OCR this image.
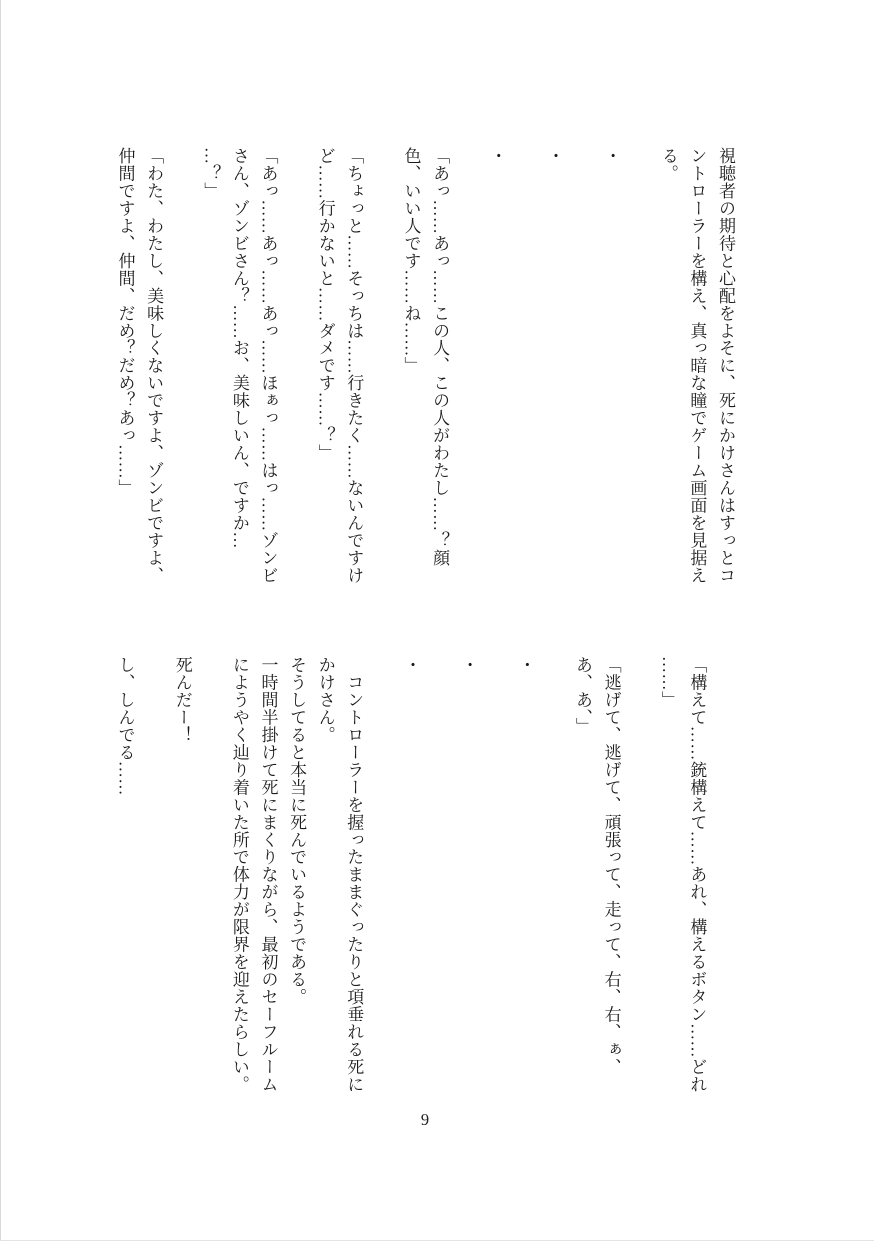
視聴者の期待と心配をよそに、死にかけさんはすっとコ
ントローラーを構え、真っ暗な瞳でゲーム画面を見据え
る。

・

・

・

「あっ……あっ……この人、この人がわたし……？顔
色、いい人です……ね……」

「ちょっと……そっちは……行きたく……ないんですけ
ど……行かないと……ダメです……？」

「あっ……あっ……あっ……ほぁっ……はっ……ゾンビ
さん、ゾンビさん？……お、美味しいん、ですか…
…？」

「わた、わたし、美味しくないですよ、ゾンビですよ、
仲間ですよ、仲間、だめ？だめ？あっ……」

「構えて……銃構えて……あれ、構えるボタン……どれ
……」

「逃げて、逃げて、頑張って、走って、右、右、ぁ、
あ、あ、」

・

・

・

　コントローラーを握ったままぐったりと項垂れる死に
かけさん。
そうしてると本当に死んでいるようである。
一時間半掛けて死にまくりながら、最初のセーフルーム
にようやく辿り着いた所で体力が限界を迎えたらしい。

死んだー！

し、しんでる……
9
